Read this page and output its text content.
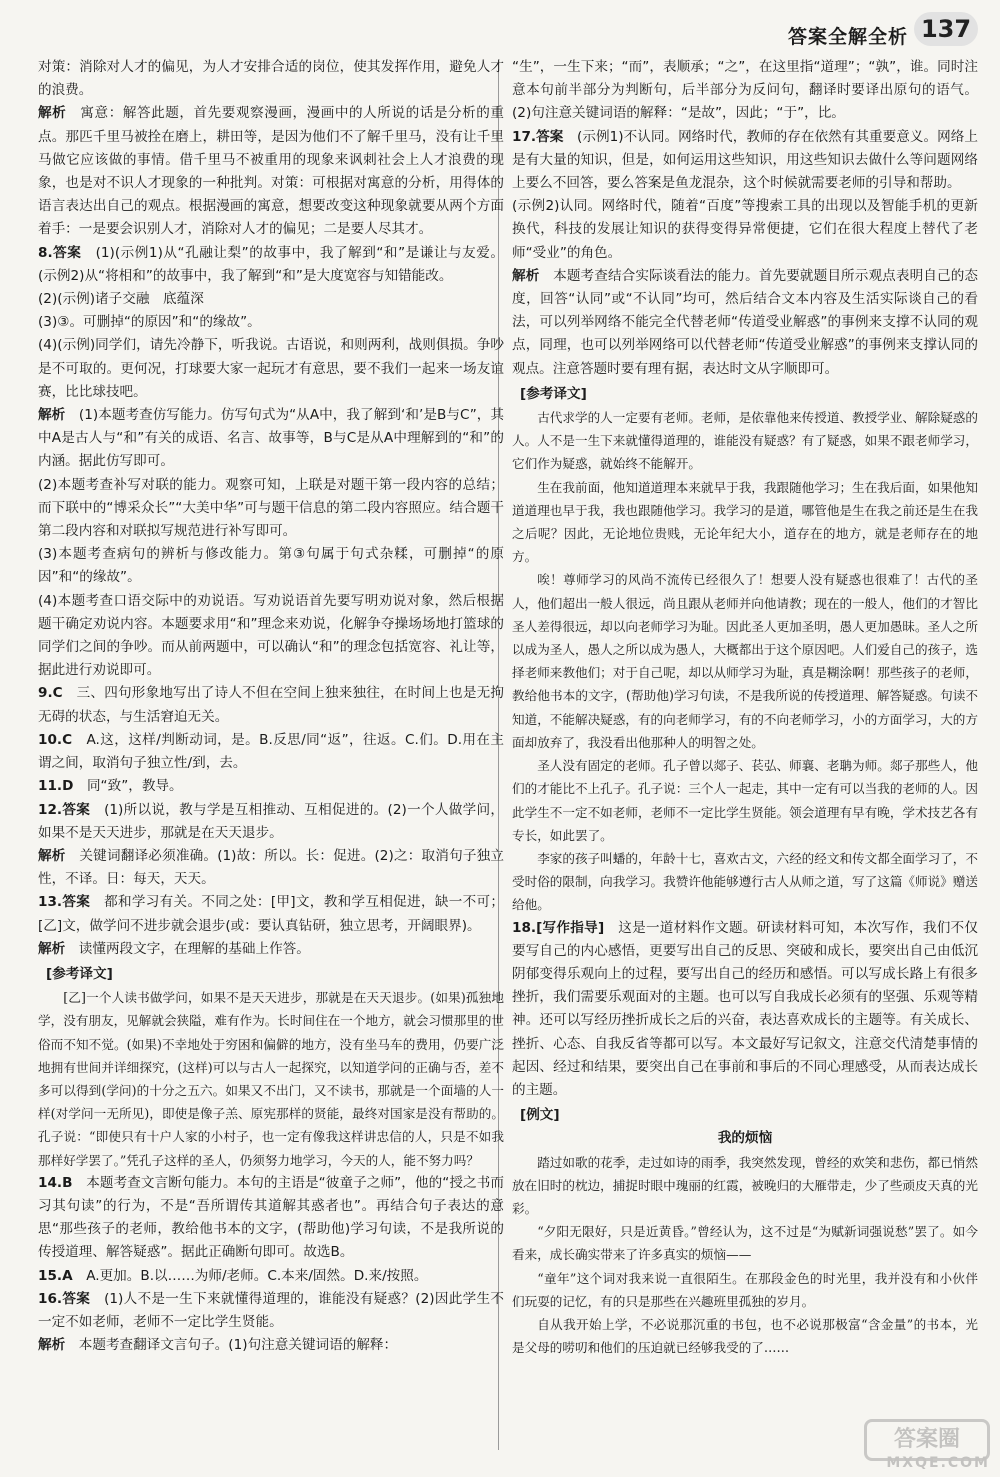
答案全解全析 137

对策：消除对人才的偏见，为人才安排合适的岗位，使其发挥作用，避免人才的浪费。

解析　 寓意：解答此题，首先要观察漫画，漫画中的人所说的话是分析的重点。那匹千里马被拴在磨上，耕田等，是因为他们不了解千里马，没有让千里马做它应该做的事情。借千里马不被重用的现象来讽刺社会上人才浪费的现象，也是对不识人才现象的一种批判。对策：可根据对寓意的分析，用得体的语言表达出自己的观点。根据漫画的寓意，想要改变这种现象就要从两个方面着手：一是要会识别人才，消除对人才的偏见；二是要人尽其才。

8.答案　 (1)(示例1)从“孔融让梨”的故事中，我了解到“和”是谦让与友爱。(示例2)从“将相和”的故事中，我了解到“和”是大度宽容与知错能改。

(2)(示例)诸子交融　底蕴深

(3)③。可删掉“的原因”和“的缘故”。

(4)(示例)同学们，请先冷静下，听我说。古语说，和则两利，战则俱损。争吵是不可取的。更何况，打球要大家一起玩才有意思，要不我们一起来一场友谊赛，比比球技吧。

解析　 (1)本题考查仿写能力。仿写句式为“从A中，我了解到‘和’是B与C”，其中A是古人与“和”有关的成语、名言、故事等，B与C是从A中理解到的“和”的内涵。据此仿写即可。

(2)本题考查补写对联的能力。观察可知，上联是对题干第一段内容的总结；而下联中的“博采众长”“大美中华”可与题干信息的第二段内容照应。结合题干第二段内容和对联拟写规范进行补写即可。

(3)本题考查病句的辨析与修改能力。第③句属于句式杂糅，可删掉“的原因”和“的缘故”。

(4)本题考查口语交际中的劝说语。写劝说语首先要写明劝说对象，然后根据题干确定劝说内容。本题要求用“和”理念来劝说，化解争夺操场场地打篮球的同学们之间的争吵。而从前两题中，可以确认“和”的理念包括宽容、礼让等，据此进行劝说即可。

9.C　 三、四句形象地写出了诗人不但在空间上独来独往，在时间上也是无拘无碍的状态，与生活窘迫无关。

10.C　 A.这，这样/判断动词，是。B.反思/同“返”，往返。C.们。D.用在主谓之间，取消句子独立性/到，去。

11.D　 同“致”，教导。

12.答案　 (1)所以说，教与学是互相推动、互相促进的。(2)一个人做学问，如果不是天天进步，那就是在天天退步。

解析　 关键词翻译必须准确。(1)故：所以。长：促进。(2)之：取消句子独立性，不译。日：每天，天天。

13.答案　 都和学习有关。不同之处：[甲]文，教和学互相促进，缺一不可；[乙]文，做学问不进步就会退步(或：要认真钻研，独立思考，开阔眼界)。

解析　 读懂两段文字，在理解的基础上作答。

[参考译文]

[乙]一个人读书做学问，如果不是天天进步，那就是在天天退步。(如果)孤独地学，没有朋友，见解就会狭隘，难有作为。长时间住在一个地方，就会习惯那里的世俗而不知不觉。(如果)不幸地处于穷困和偏僻的地方，没有坐马车的费用，仍要广泛地拥有世间并详细探究，(这样)可以与古人一起探究，以知道学问的正确与否，差不多可以得到(学问)的十分之五六。如果又不出门，又不读书，那就是一个面墙的人一样(对学问一无所见)，即使是像子羔、原宪那样的贤能，最终对国家是没有帮助的。孔子说：“即使只有十户人家的小村子，也一定有像我这样讲忠信的人，只是不如我那样好学罢了。”凭孔子这样的圣人，仍须努力地学习，今天的人，能不努力吗？

14.B　 本题考查文言断句能力。本句的主语是“彼童子之师”，他的“授之书而习其句读”的行为，不是“吾所谓传其道解其惑者也”。再结合句子表达的意思“那些孩子的老师，教给他书本的文字，(帮助他)学习句读，不是我所说的传授道理、解答疑惑”。据此正确断句即可。故选B。

15.A　 A.更加。B.以……为师/老师。C.本来/固然。D.来/按照。

16.答案　 (1)人不是一生下来就懂得道理的，谁能没有疑惑？(2)因此学生不一定不如老师，老师不一定比学生贤能。

解析　 本题考查翻译文言句子。(1)句注意关键词语的解释：

“生”，一生下来；“而”，表顺承；“之”，在这里指“道理”；“孰”，谁。同时注意本句前半部分为判断句，后半部分为反问句，翻译时要译出原句的语气。(2)句注意关键词语的解释：“是故”，因此；“于”，比。

17.答案　 (示例1)不认同。网络时代，教师的存在依然有其重要意义。网络上是有大量的知识，但是，如何运用这些知识，用这些知识去做什么等问题网络上要么不回答，要么答案是鱼龙混杂，这个时候就需要老师的引导和帮助。

(示例2)认同。网络时代，随着“百度”等搜索工具的出现以及智能手机的更新换代，科技的发展让知识的获得变得异常便捷，它们在很大程度上替代了老师“受业”的角色。

解析　 本题考查结合实际谈看法的能力。首先要就题目所示观点表明自己的态度，回答“认同”或“不认同”均可，然后结合文本内容及生活实际谈自己的看法，可以列举网络不能完全代替老师“传道受业解惑”的事例来支撑不认同的观点，同理，也可以列举网络可以代替老师“传道受业解惑”的事例来支撑认同的观点。注意答题时要有理有据，表达时文从字顺即可。

[参考译文]

古代求学的人一定要有老师。老师，是依靠他来传授道、教授学业、解除疑惑的人。人不是一生下来就懂得道理的，谁能没有疑惑？有了疑惑，如果不跟老师学习，它们作为疑惑，就始终不能解开。

生在我前面，他知道道理本来就早于我，我跟随他学习；生在我后面，如果他知道道理也早于我，我也跟随他学习。我学习的是道，哪管他是生在我之前还是生在我之后呢？因此，无论地位贵贱，无论年纪大小，道存在的地方，就是老师存在的地方。

唉！尊师学习的风尚不流传已经很久了！想要人没有疑惑也很难了！古代的圣人，他们超出一般人很远，尚且跟从老师并向他请教；现在的一般人，他们的才智比圣人差得很远，却以向老师学习为耻。因此圣人更加圣明，愚人更加愚昧。圣人之所以成为圣人，愚人之所以成为愚人，大概都出于这个原因吧。人们爱自己的孩子，选择老师来教他们；对于自己呢，却以从师学习为耻，真是糊涂啊！那些孩子的老师，教给他书本的文字，(帮助他)学习句读，不是我所说的传授道理、解答疑惑。句读不知道，不能解决疑惑，有的向老师学习，有的不向老师学习，小的方面学习，大的方面却放弃了，我没看出他那种人的明智之处。

圣人没有固定的老师。孔子曾以郯子、苌弘、师襄、老聃为师。郯子那些人，他们的才能比不上孔子。孔子说：三个人一起走，其中一定有可以当我的老师的人。因此学生不一定不如老师，老师不一定比学生贤能。领会道理有早有晚，学术技艺各有专长，如此罢了。

李家的孩子叫蟠的，年龄十七，喜欢古文，六经的经文和传文都全面学习了，不受时俗的限制，向我学习。我赞许他能够遵行古人从师之道，写了这篇《师说》赠送给他。

18.[写作指导]　 这是一道材料作文题。研读材料可知，本次写作，我们不仅要写自己的内心感悟，更要写出自己的反思、突破和成长，要突出自己由低沉阴郁变得乐观向上的过程，要写出自己的经历和感悟。可以写成长路上有很多挫折，我们需要乐观面对的主题。也可以写自我成长必须有的坚强、乐观等精神。还可以写经历挫折成长之后的兴奋，表达喜欢成长的主题等。有关成长、挫折、心态、自我反省等都可以写。本文最好写记叙文，注意交代清楚事情的起因、经过和结果，要突出自己在事前和事后的不同心理感受，从而表达成长的主题。

[例文]

我的烦恼

踏过如歌的花季，走过如诗的雨季，我突然发现，曾经的欢笑和悲伤，都已悄然放在旧时的枕边，捕捉时眼中瑰丽的红霞，被晚归的大雁带走，少了些顽皮天真的光彩。

“夕阳无限好，只是近黄昏。”曾经认为，这不过是“为赋新词强说愁”罢了。如今看来，成长确实带来了许多真实的烦恼——

“童年”这个词对我来说一直很陌生。在那段金色的时光里，我并没有和小伙伴们玩耍的记忆，有的只是那些在兴趣班里孤独的岁月。

自从我开始上学，不必说那沉重的书包，也不必说那极富“含金量”的书本，光是父母的唠叨和他们的压迫就已经够我受的了……

答案圈
MXQE.COM
